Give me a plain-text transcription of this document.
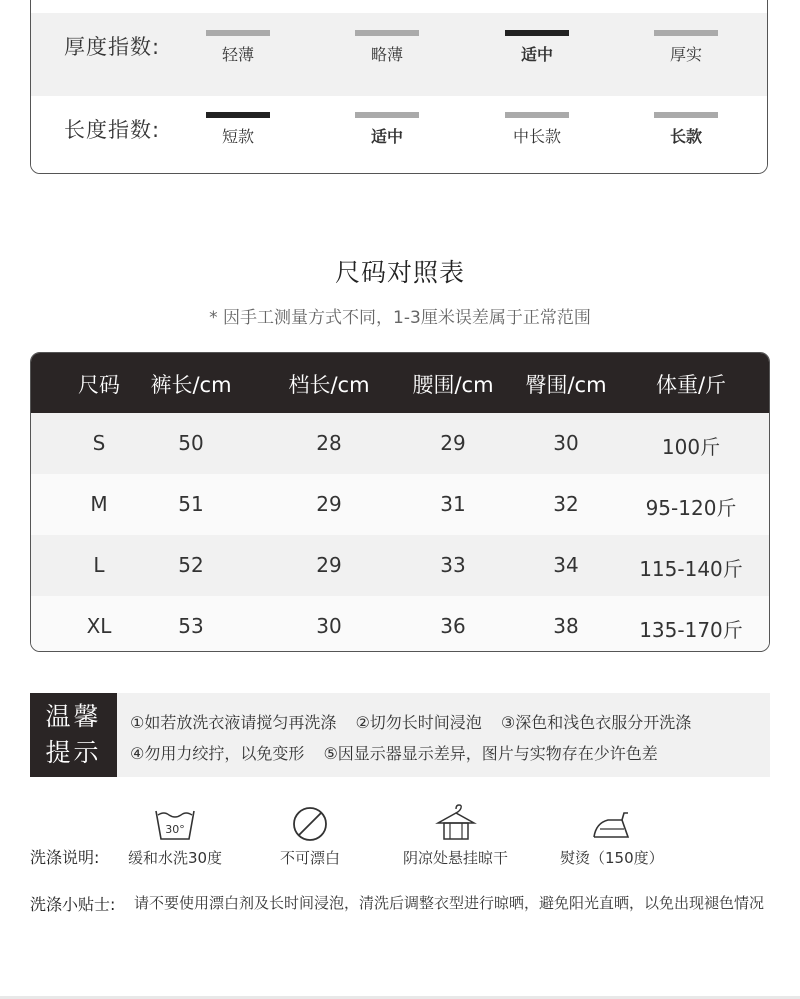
厚度指数:	轻薄	略薄	适中	厚实
长度指数:	短款	适中	中长款	长款
尺码对照表
* 因手工测量方式不同，1-3厘米误差属于正常范围
尺码 裤长/cm	档长/cm 腰围/cm 臀围/cm 体重/斤
S	50	28	29	30	100斤
M	51	29	31	32	95-120斤
L	52	29	33	34	115-140斤
XL	53	30	36	38	135-170斤
温馨
提示
①如若放洗衣液请搅匀再洗涤 ②切勿长时间浸泡 ③深色和浅色衣服分开洗涤
④勿用力绞拧，以免变形 ⑤因显示器显示差异，图片与实物存在少许色差
洗涤说明:
30°
缓和水洗30度	不可漂白	阴凉处悬挂晾干	熨烫（150度）
洗涤小贴士: 请不要使用漂白剂及长时间浸泡，清洗后调整衣型进行晾晒，避免阳光直晒，以免出现褪色情况
